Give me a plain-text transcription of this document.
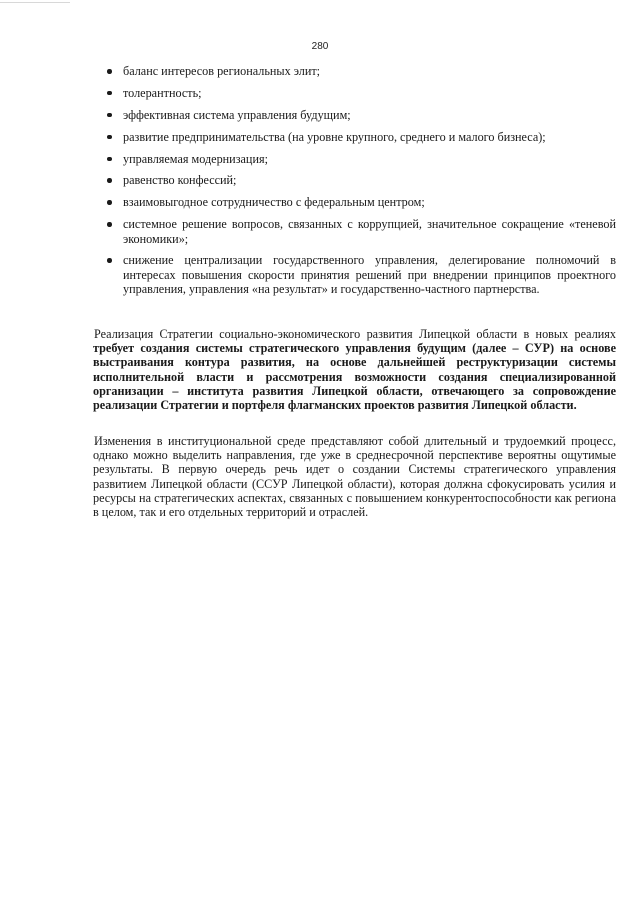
280
баланс интересов региональных элит;
толерантность;
эффективная система управления будущим;
развитие предпринимательства (на уровне крупного, среднего и малого бизнеса);
управляемая модернизация;
равенство конфессий;
взаимовыгодное сотрудничество с федеральным центром;
системное решение вопросов, связанных с коррупцией, значительное сокращение «теневой экономики»;
снижение централизации государственного управления, делегирование полномочий в интересах повышения скорости принятия решений при внедрении принципов проектного управления, управления «на результат» и государственно-частного партнерства.

Реализация Стратегии социально-экономического развития Липецкой области в новых реалиях требует создания системы стратегического управления будущим (далее – СУР) на основе выстраивания контура развития, на основе дальнейшей реструктуризации системы исполнительной власти и рассмотрения возможности создания специализированной организации – института развития Липецкой области, отвечающего за сопровождение реализации Стратегии и портфеля флагманских проектов развития Липецкой области.

Изменения в институциональной среде представляют собой длительный и трудоемкий процесс, однако можно выделить направления, где уже в среднесрочной перспективе вероятны ощутимые результаты. В первую очередь речь идет о создании Системы стратегического управления развитием Липецкой области (ССУР Липецкой области), которая должна сфокусировать усилия и ресурсы на стратегических аспектах, связанных с повышением конкурентоспособности как региона в целом, так и его отдельных территорий и отраслей.
